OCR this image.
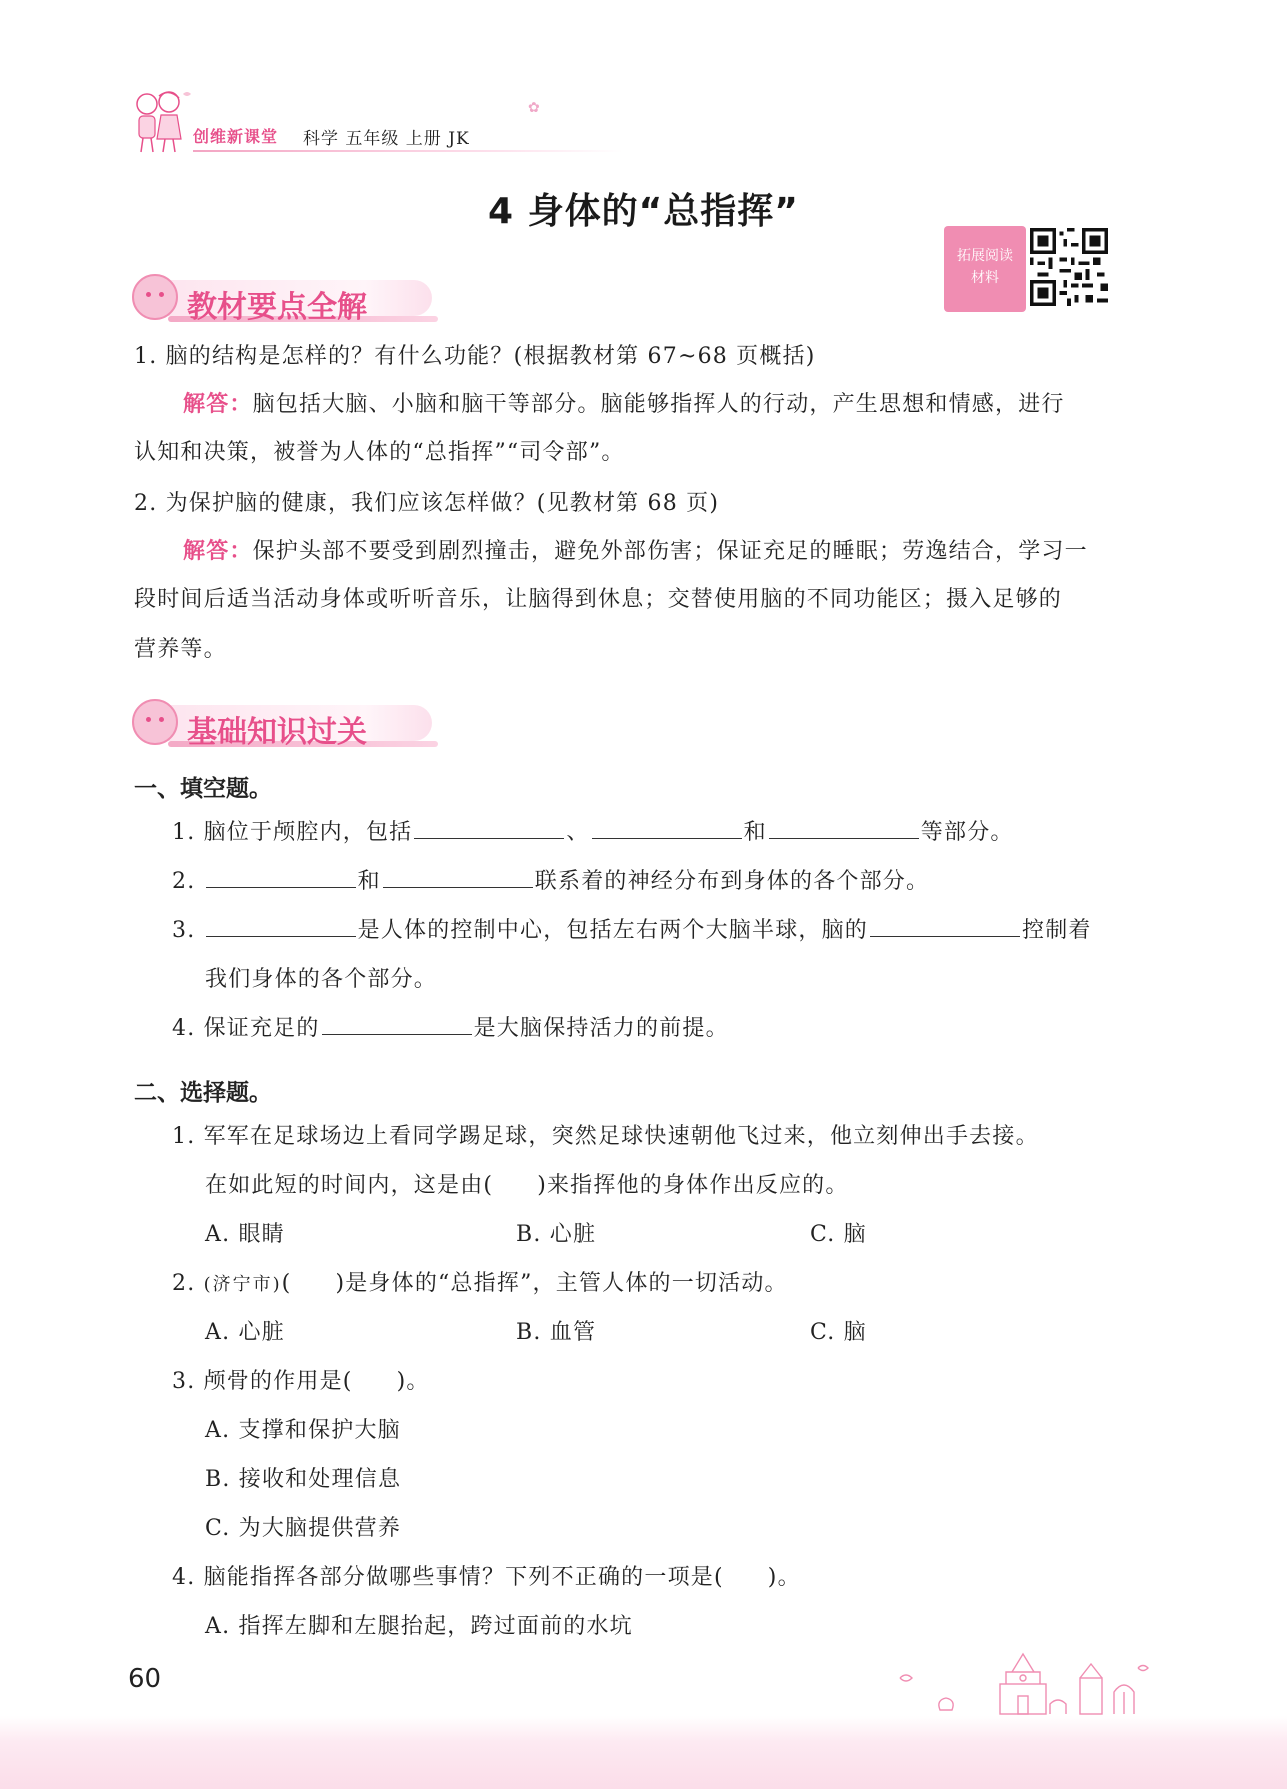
创维新课堂 科学 五年级 上册 JK
✿
4 身体的“总指挥”
拓展阅读
材料
教材要点全解
1. 脑的结构是怎样的？有什么功能？(根据教材第 67~68 页概括)
解答：脑包括大脑、小脑和脑干等部分。脑能够指挥人的行动，产生思想和情感，进行
认知和决策，被誉为人体的“总指挥”“司令部”。
2. 为保护脑的健康，我们应该怎样做？(见教材第 68 页)
解答：保护头部不要受到剧烈撞击，避免外部伤害；保证充足的睡眠；劳逸结合，学习一
段时间后适当活动身体或听听音乐，让脑得到休息；交替使用脑的不同功能区；摄入足够的
营养等。
基础知识过关
一、填空题。
1. 脑位于颅腔内，包括	、	和	等部分。
2.	和	联系着的神经分布到身体的各个部分。
3.	是人体的控制中心，包括左右两个大脑半球，脑的	控制着
我们身体的各个部分。
4. 保证充足的	是大脑保持活力的前提。
二、选择题。
1. 军军在足球场边上看同学踢足球，突然足球快速朝他飞过来，他立刻伸出手去接。
在如此短的时间内，这是由( )来指挥他的身体作出反应的。
A. 眼睛	B. 心脏	C. 脑
2. (济宁市)( )是身体的“总指挥”，主管人体的一切活动。
A. 心脏	B. 血管	C. 脑
3. 颅骨的作用是( )。
A. 支撑和保护大脑
B. 接收和处理信息
C. 为大脑提供营养
4. 脑能指挥各部分做哪些事情？下列不正确的一项是( )。
A. 指挥左脚和左腿抬起，跨过面前的水坑
60
